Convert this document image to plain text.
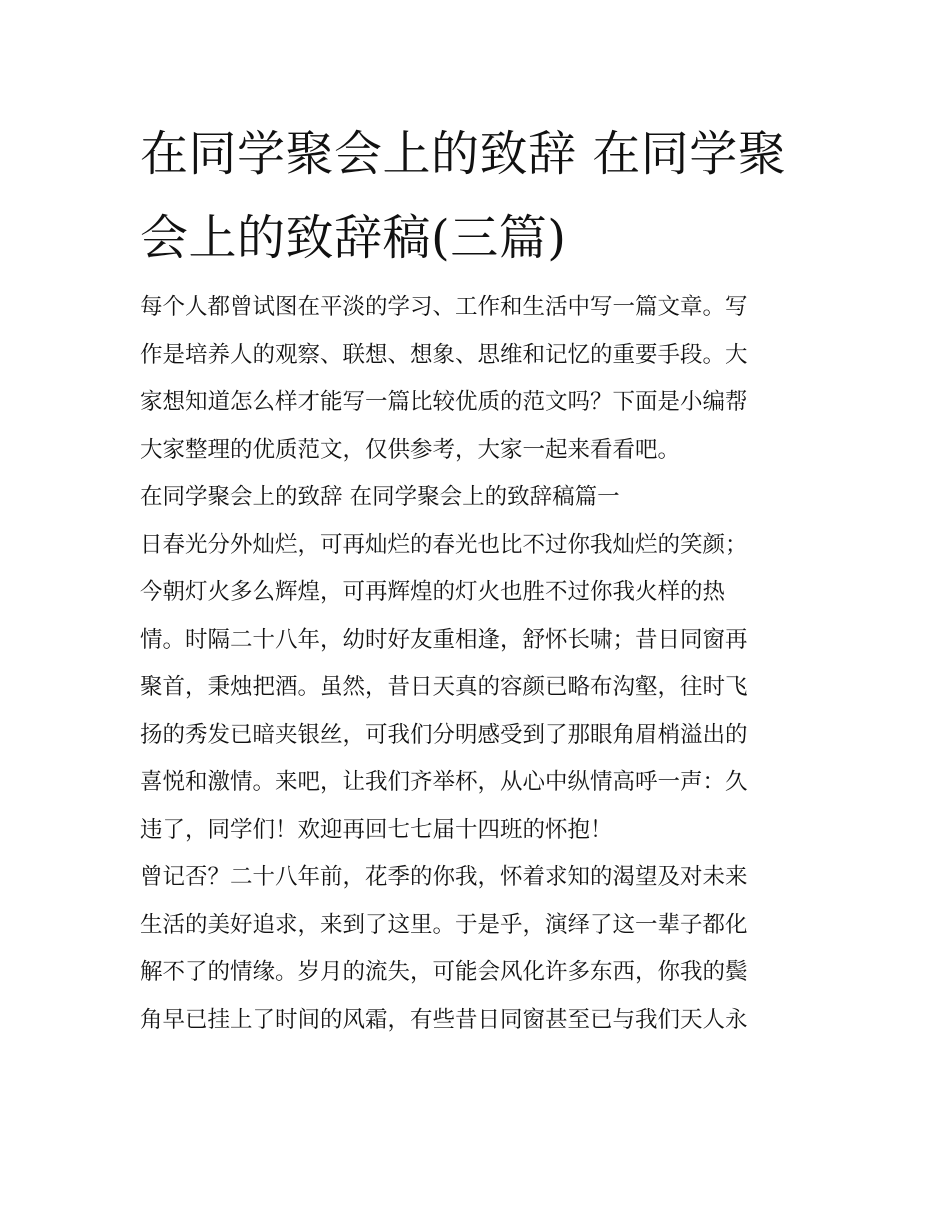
在同学聚会上的致辞 在同学聚
会上的致辞稿(三篇)

每个人都曾试图在平淡的学习、工作和生活中写一篇文章。写
作是培养人的观察、联想、想象、思维和记忆的重要手段。大
家想知道怎么样才能写一篇比较优质的范文吗？下面是小编帮
大家整理的优质范文，仅供参考，大家一起来看看吧。

在同学聚会上的致辞 在同学聚会上的致辞稿篇一

日春光分外灿烂，可再灿烂的春光也比不过你我灿烂的笑颜；
今朝灯火多么辉煌，可再辉煌的灯火也胜不过你我火样的热
情。时隔二十八年，幼时好友重相逢，舒怀长啸；昔日同窗再
聚首，秉烛把酒。虽然，昔日天真的容颜已略布沟壑，往时飞
扬的秀发已暗夹银丝，可我们分明感受到了那眼角眉梢溢出的
喜悦和激情。来吧，让我们齐举杯，从心中纵情高呼一声：久
违了，同学们！欢迎再回七七届十四班的怀抱！

曾记否？二十八年前，花季的你我，怀着求知的渴望及对未来
生活的美好追求，来到了这里。于是乎，演绎了这一辈子都化
解不了的情缘。岁月的流失，可能会风化许多东西，你我的鬓
角早已挂上了时间的风霜，有些昔日同窗甚至已与我们天人永
